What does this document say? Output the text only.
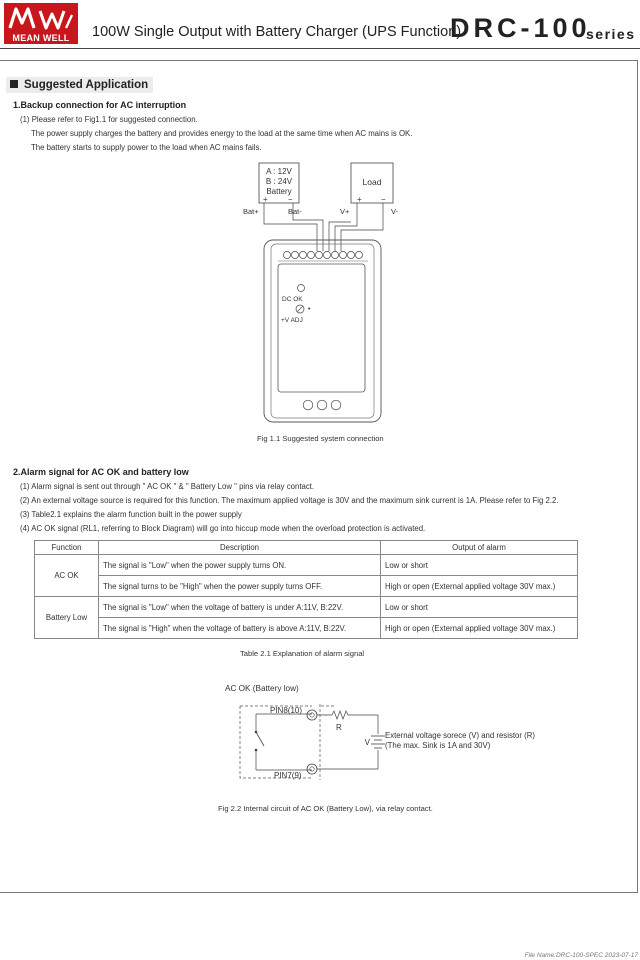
MEAN WELL	100W Single Output with Battery Charger (UPS Function)
DRC-100
series
Suggested Application
1.Backup connection for AC interruption
(1) Please refer to Fig1.1 for suggested connection.
The power supply charges the battery and provides energy to the load at the same time when AC mains is OK.
The battery starts to supply power to the load when AC mains fails.
A : 12V
B : 24V
Battery
+	−
Load
+ −
Bat+	Bat-	V+	V-
DC OK
•
+V ADJ
Fig 1.1 Suggested system connection
2.Alarm signal for AC OK and battery low
(1) Alarm signal is sent out through " AC OK " & " Battery Low " pins via relay contact.
(2) An external voltage source is required for this function. The maximum applied voltage is 30V and the maximum sink current is 1A. Please refer to Fig 2.2.
(3) Table2.1 explains the alarm function built in the power supply
(4) AC OK signal (RL1, referring to Block Diagram) will go into hiccup mode when the overload protection is activated.
Function	Description	Output of alarm
AC OK	The signal is "Low" when the power supply turns ON.	Low or short
	The signal turns to be "High" when the power supply turns OFF.	High or open (External applied voltage 30V max.)
Battery Low	The signal is "Low" when the voltage of battery is under A:11V, B:22V.	Low or short
	The signal is "High" when the voltage of battery is above A:11V, B:22V.	High or open (External applied voltage 30V max.)
Table 2.1 Explanation of alarm signal
AC OK (Battery low)
PIN8(10)
PIN7(9)
R
V
External voltage sorece (V) and resistor (R)
(The max. Sink is 1A and 30V)
Fig 2.2 Internal circuit of AC OK (Battery Low), via relay contact.
File Name:DRC-100-SPEC 2023-07-17
